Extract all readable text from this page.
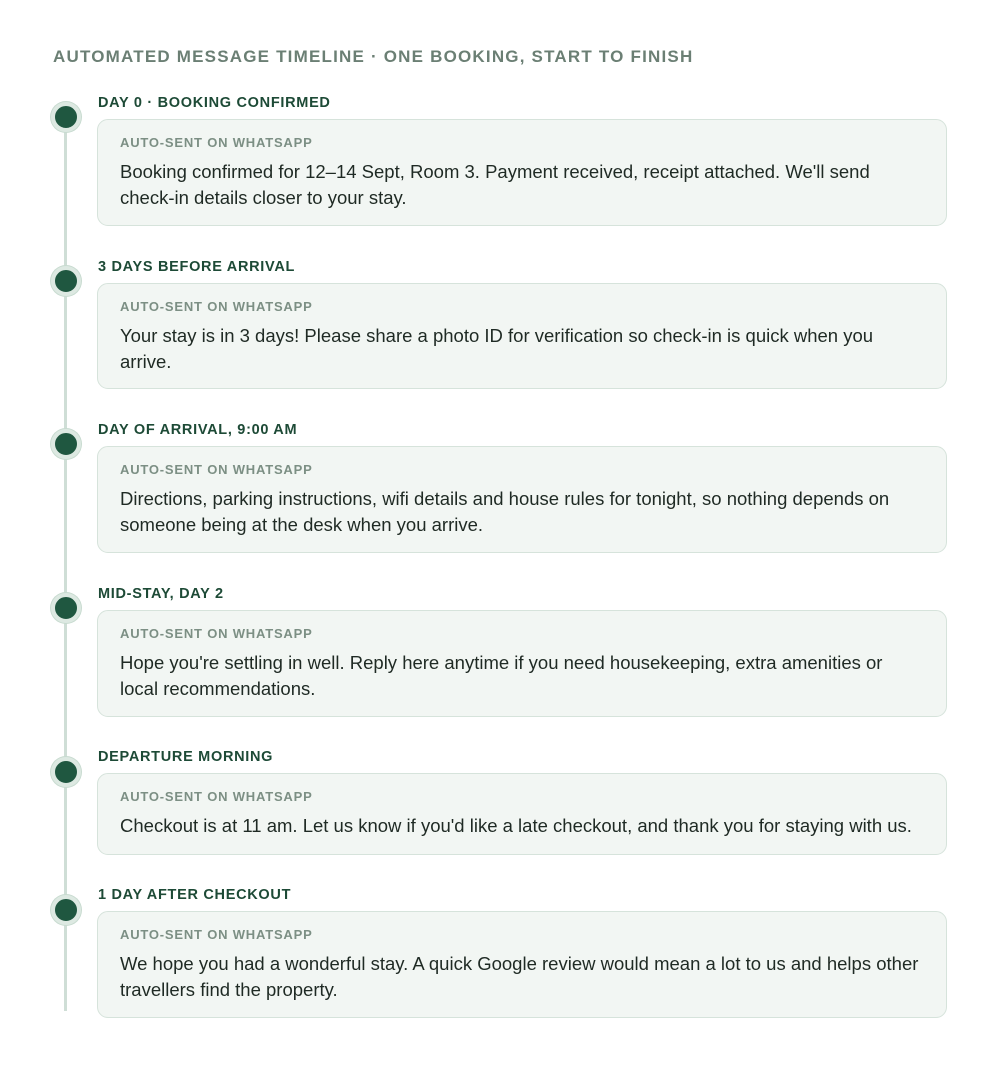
AUTOMATED MESSAGE TIMELINE · ONE BOOKING, START TO FINISH
DAY 0 · BOOKING CONFIRMED
AUTO-SENT ON WHATSAPP

Booking confirmed for 12–14 Sept, Room 3. Payment received, receipt attached. We'll send check-in details closer to your stay.

3 DAYS BEFORE ARRIVAL
AUTO-SENT ON WHATSAPP

Your stay is in 3 days! Please share a photo ID for verification so check-in is quick when you arrive.

DAY OF ARRIVAL, 9:00 AM
AUTO-SENT ON WHATSAPP

Directions, parking instructions, wifi details and house rules for tonight, so nothing depends on someone being at the desk when you arrive.

MID-STAY, DAY 2
AUTO-SENT ON WHATSAPP

Hope you're settling in well. Reply here anytime if you need housekeeping, extra amenities or local recommendations.

DEPARTURE MORNING
AUTO-SENT ON WHATSAPP

Checkout is at 11 am. Let us know if you'd like a late checkout, and thank you for staying with us.

1 DAY AFTER CHECKOUT
AUTO-SENT ON WHATSAPP

We hope you had a wonderful stay. A quick Google review would mean a lot to us and helps other travellers find the property.
